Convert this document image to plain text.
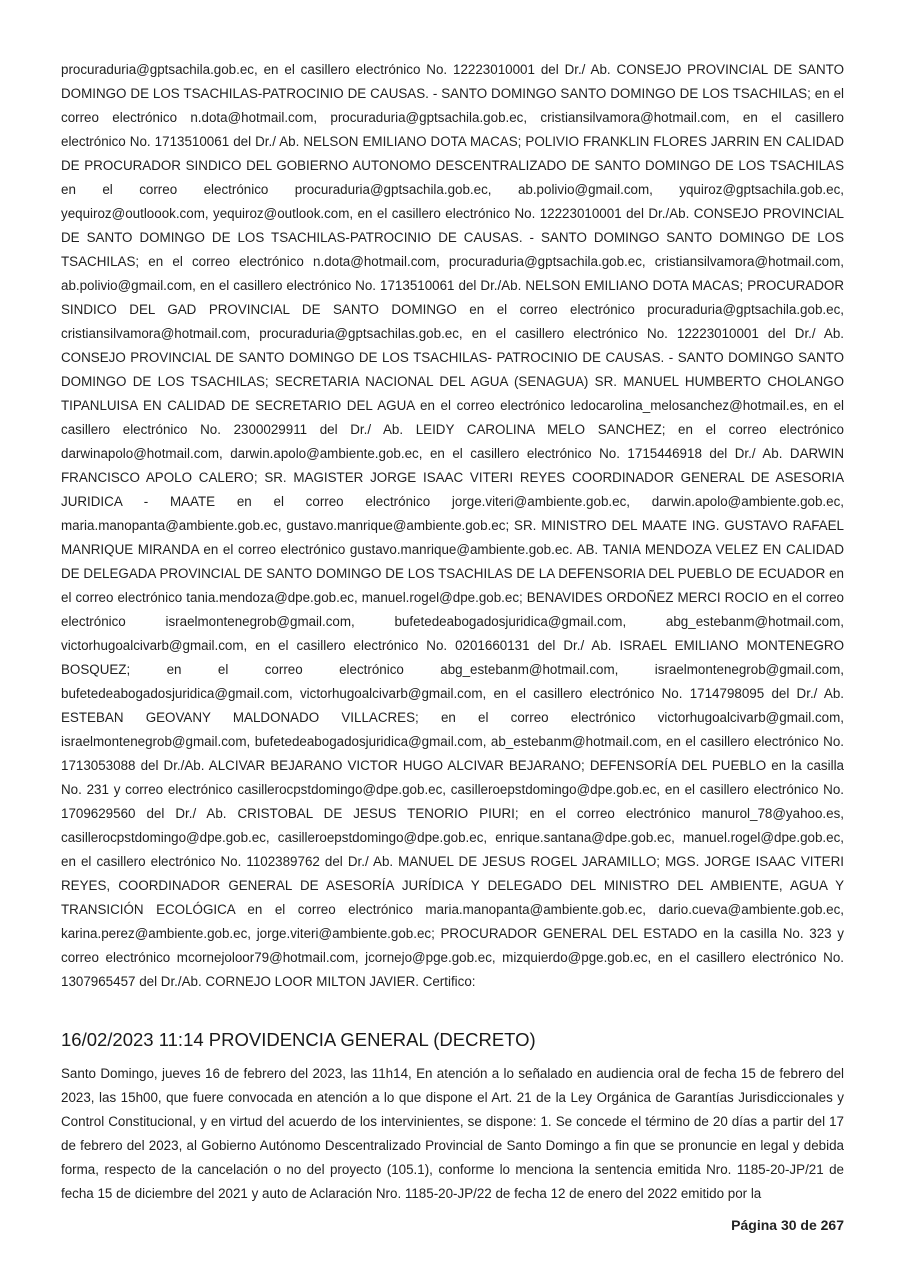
procuraduria@gptsachila.gob.ec, en el casillero electrónico No. 12223010001 del Dr./ Ab. CONSEJO PROVINCIAL DE SANTO DOMINGO DE LOS TSACHILAS-PATROCINIO DE CAUSAS. - SANTO DOMINGO SANTO DOMINGO DE LOS TSACHILAS; en el correo electrónico n.dota@hotmail.com, procuraduria@gptsachila.gob.ec, cristiansilvamora@hotmail.com, en el casillero electrónico No. 1713510061 del Dr./ Ab. NELSON EMILIANO DOTA MACAS; POLIVIO FRANKLIN FLORES JARRIN EN CALIDAD DE PROCURADOR SINDICO DEL GOBIERNO AUTONOMO DESCENTRALIZADO DE SANTO DOMINGO DE LOS TSACHILAS en el correo electrónico procuraduria@gptsachila.gob.ec, ab.polivio@gmail.com, yquiroz@gptsachila.gob.ec, yequiroz@outloook.com, yequiroz@outlook.com, en el casillero electrónico No. 12223010001 del Dr./Ab. CONSEJO PROVINCIAL DE SANTO DOMINGO DE LOS TSACHILAS-PATROCINIO DE CAUSAS. - SANTO DOMINGO SANTO DOMINGO DE LOS TSACHILAS; en el correo electrónico n.dota@hotmail.com, procuraduria@gptsachila.gob.ec, cristiansilvamora@hotmail.com, ab.polivio@gmail.com, en el casillero electrónico No. 1713510061 del Dr./Ab. NELSON EMILIANO DOTA MACAS; PROCURADOR SINDICO DEL GAD PROVINCIAL DE SANTO DOMINGO en el correo electrónico procuraduria@gptsachila.gob.ec, cristiansilvamora@hotmail.com, procuraduria@gptsachilas.gob.ec, en el casillero electrónico No. 12223010001 del Dr./ Ab. CONSEJO PROVINCIAL DE SANTO DOMINGO DE LOS TSACHILAS- PATROCINIO DE CAUSAS. - SANTO DOMINGO SANTO DOMINGO DE LOS TSACHILAS; SECRETARIA NACIONAL DEL AGUA (SENAGUA) SR. MANUEL HUMBERTO CHOLANGO TIPANLUISA EN CALIDAD DE SECRETARIO DEL AGUA en el correo electrónico ledocarolina_melosanchez@hotmail.es, en el casillero electrónico No. 2300029911 del Dr./ Ab. LEIDY CAROLINA MELO SANCHEZ; en el correo electrónico darwinapolo@hotmail.com, darwin.apolo@ambiente.gob.ec, en el casillero electrónico No. 1715446918 del Dr./ Ab. DARWIN FRANCISCO APOLO CALERO; SR. MAGISTER JORGE ISAAC VITERI REYES COORDINADOR GENERAL DE ASESORIA JURIDICA - MAATE en el correo electrónico jorge.viteri@ambiente.gob.ec, darwin.apolo@ambiente.gob.ec, maria.manopanta@ambiente.gob.ec, gustavo.manrique@ambiente.gob.ec; SR. MINISTRO DEL MAATE ING. GUSTAVO RAFAEL MANRIQUE MIRANDA en el correo electrónico gustavo.manrique@ambiente.gob.ec. AB. TANIA MENDOZA VELEZ EN CALIDAD DE DELEGADA PROVINCIAL DE SANTO DOMINGO DE LOS TSACHILAS DE LA DEFENSORIA DEL PUEBLO DE ECUADOR en el correo electrónico tania.mendoza@dpe.gob.ec, manuel.rogel@dpe.gob.ec; BENAVIDES ORDOÑEZ MERCI ROCIO en el correo electrónico israelmontenegrob@gmail.com, bufetedeabogadosjuridica@gmail.com, abg_estebanm@hotmail.com, victorhugoalcivarb@gmail.com, en el casillero electrónico No. 0201660131 del Dr./ Ab. ISRAEL EMILIANO MONTENEGRO BOSQUEZ; en el correo electrónico abg_estebanm@hotmail.com, israelmontenegrob@gmail.com, bufetedeabogadosjuridica@gmail.com, victorhugoalcivarb@gmail.com, en el casillero electrónico No. 1714798095 del Dr./ Ab. ESTEBAN GEOVANY MALDONADO VILLACRES; en el correo electrónico victorhugoalcivarb@gmail.com, israelmontenegrob@gmail.com, bufetedeabogadosjuridica@gmail.com, ab_estebanm@hotmail.com, en el casillero electrónico No. 1713053088 del Dr./Ab. ALCIVAR BEJARANO VICTOR HUGO ALCIVAR BEJARANO; DEFENSORÍA DEL PUEBLO en la casilla No. 231 y correo electrónico casillerocpstdomingo@dpe.gob.ec, casilleroepstdomingo@dpe.gob.ec, en el casillero electrónico No. 1709629560 del Dr./ Ab. CRISTOBAL DE JESUS TENORIO PIURI; en el correo electrónico manurol_78@yahoo.es, casillerocpstdomingo@dpe.gob.ec, casilleroepstdomingo@dpe.gob.ec, enrique.santana@dpe.gob.ec, manuel.rogel@dpe.gob.ec, en el casillero electrónico No. 1102389762 del Dr./ Ab. MANUEL DE JESUS ROGEL JARAMILLO; MGS. JORGE ISAAC VITERI REYES, COORDINADOR GENERAL DE ASESORÍA JURÍDICA Y DELEGADO DEL MINISTRO DEL AMBIENTE, AGUA Y TRANSICIÓN ECOLÓGICA en el correo electrónico maria.manopanta@ambiente.gob.ec, dario.cueva@ambiente.gob.ec, karina.perez@ambiente.gob.ec, jorge.viteri@ambiente.gob.ec; PROCURADOR GENERAL DEL ESTADO en la casilla No. 323 y correo electrónico mcornejoloor79@hotmail.com, jcornejo@pge.gob.ec, mizquierdo@pge.gob.ec, en el casillero electrónico No. 1307965457 del Dr./Ab. CORNEJO LOOR MILTON JAVIER. Certifico:

16/02/2023 11:14 PROVIDENCIA GENERAL (DECRETO)

Santo Domingo, jueves 16 de febrero del 2023, las 11h14, En atención a lo señalado en audiencia oral de fecha 15 de febrero del 2023, las 15h00, que fuere convocada en atención a lo que dispone el Art. 21 de la Ley Orgánica de Garantías Jurisdiccionales y Control Constitucional, y en virtud del acuerdo de los intervinientes, se dispone: 1. Se concede el término de 20 días a partir del 17 de febrero del 2023, al Gobierno Autónomo Descentralizado Provincial de Santo Domingo a fin que se pronuncie en legal y debida forma, respecto de la cancelación o no del proyecto (105.1), conforme lo menciona la sentencia emitida Nro. 1185-20-JP/21 de fecha 15 de diciembre del 2021 y auto de Aclaración Nro. 1185-20-JP/22 de fecha 12 de enero del 2022 emitido por la

Página 30 de 267
